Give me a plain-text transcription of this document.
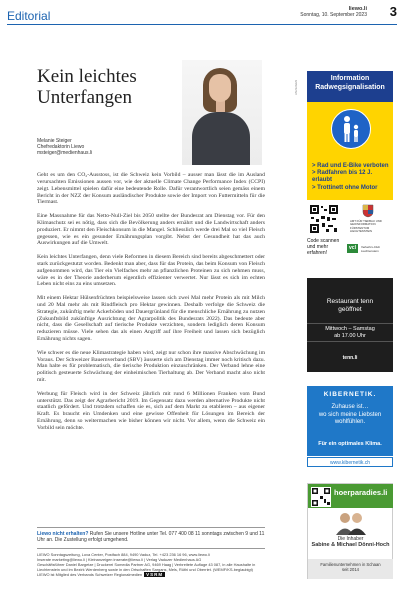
Editorial	liewo.li
Sonntag, 10. September 2023 3
Kein leichtes
Unterfangen
Melanie Steiger
Chefredaktorin Liewo
msteiger@medienhaus.li

Geht es um den CO₂-Ausstoss, ist die Schweiz kein Vorbild – ausser man lässt die im Ausland verursachten Emissionen aussen vor, wie der aktuelle Climate Change Performance Index (CCPI) zeigt. Lebensmittel spielen dafür eine bedeutende Rolle. Dafür verantwortlich seien gemäss einem Bericht in der NZZ der Konsum ausländischer Produkte sowie der Import von Futtermitteln für die Tiermast.

Eine Massnahme für das Netto-Null-Ziel bis 2050 stellte der Bundesrat am Dienstag vor. Für den Klimaschutz sei es nötig, dass sich die Bevölkerung anders ernährt und die Landwirtschaft anders produziert. Er nimmt den Fleischkonsum in die Mangel. Schliesslich werde drei Mal so viel Fleisch gegessen, wie es ein gesunder Ernährungsplan vorgibt. Nebst der Gesundheit hat das auch Auswirkungen auf die Umwelt.

Kein leichtes Unterfangen, denn viele Reformen in diesem Bereich sind bereits abgeschmettert oder stark zurückgestutzt worden. Bedenkt man aber, dass für das Protein, das beim Konsum von Fleisch aufgenommen wird, das Tier ein Vielfaches mehr an pflanzlichen Proteinen zu sich nehmen muss, wäre es in der Theorie anderherum eigentlich effizienter verwertet. Nur lässt es sich im echten Leben nicht eins zu eins umsetzen.

Mit einem Hektar Hülsenfrüchten beispielsweise lassen sich zwei Mal mehr Protein als mit Milch und 20 Mal mehr als mit Rindfleisch pro Hektar gewinnen. Deshalb verfolge die Schweiz die Strategie, zukünftig mehr Ackerböden und Dauergrünland für die menschliche Ernährung zu nutzen (Zukunftsbild zukünftige Ausrichtung der Agrarpolitik des Bundesrats 2022). Das bedeute aber nicht, dass die Gesellschaft auf tierische Produkte verzichten, sondern lediglich deren Konsum reduzieren müsse. Viele sehen das als einen Angriff auf ihre Freiheit und lassen sich bezüglich Ernährung nichts sagen.

Wie schwer es die neue Klimastrategie haben wird, zeigt nur schon ihre massive Abschwächung im Voraus. Der Schweizer Bauernverband (SBV) äusserte sich am Dienstag immer noch kritisch dazu. Man halte es für problematisch, die tierische Produktion einzuschränken. Der Verband lehne eine politisch gesteuerte Schwächung der einheimischen Tierhaltung ab. Der Verband macht also nicht mit.

Werbung für Fleisch wird in der Schweiz jährlich mit rund 6 Millionen Franken vom Bund unterstützt. Das zeigt der Agrarbericht 2019. Im Gegensatz dazu werden alternative Produkte nicht staatlich gefördert. Und trotzdem schaffen sie es, sich auf dem Markt zu etablieren – aus eigener Kraft. Es braucht ein Umdenken und eine gewisse Offenheit für Lösungen im Bereich der Ernährung, denn so weitermachen wie bisher können wir nicht. Vor allem, wenn die Schweiz ein Vorbild sein möchte.

Liewo nicht erhalten? Rufen Sie unsere Hotline unter Tel. 077 400 08 11 sonntags zwischen 9 und 11 Uhr an. Die Zustellung erfolgt umgehend.
LIEWO Sonntagszeitung, Lova Center, Postfach 884, 9490 Vaduz, Tel. +423 236 16 96, www.liewo.li
Inserate marketing@liewo.li | Kleinanzeigen inserate@liewo.li | Verlag Vaduzer Medienhaus AG
Geschäftsführer Daniel Bargetze | Druckerei Somedia Partner AG, 9469 Haag | Verbreitete Auflage 43 087, in alle Haushalte in Liechtenstein und im Bezirk Werdenberg sowie in den Ortschaften Sargans, Mels, Rüthi und Oberriet. (WEMF/KS-beglaubigt)
LIEWO ist Mitglied des Verbands Schweizer Regionalmedien VSRM
ANZEIGEN
Information Radwegsignalisation
> Rad und E-Bike verboten
> Radfahren bis 12 J. erlaubt
> Trottinett ohne Motor
Code scannen und mehr erfahren!
AMT FÜR TIEFBAU UND GEOINFORMATION FÜRSTENTUM LIECHTENSTEIN
vcl	Verkehrs-Club Liechtenstein
Restaurant tenn
geöffnet
Mittwoch – Samstag
ab 17.00 Uhr
tenn.li
KIBERNETIK.
Zuhause ist…
wo sich meine Liebsten
wohlfühlen.
Für ein optimales Klima.
www.kibernetik.ch
hoerparadies.li
Die Inhaber
Sabine & Michael Dönni-Hoch
Familienunternehmen in Schaan
seit 2014
